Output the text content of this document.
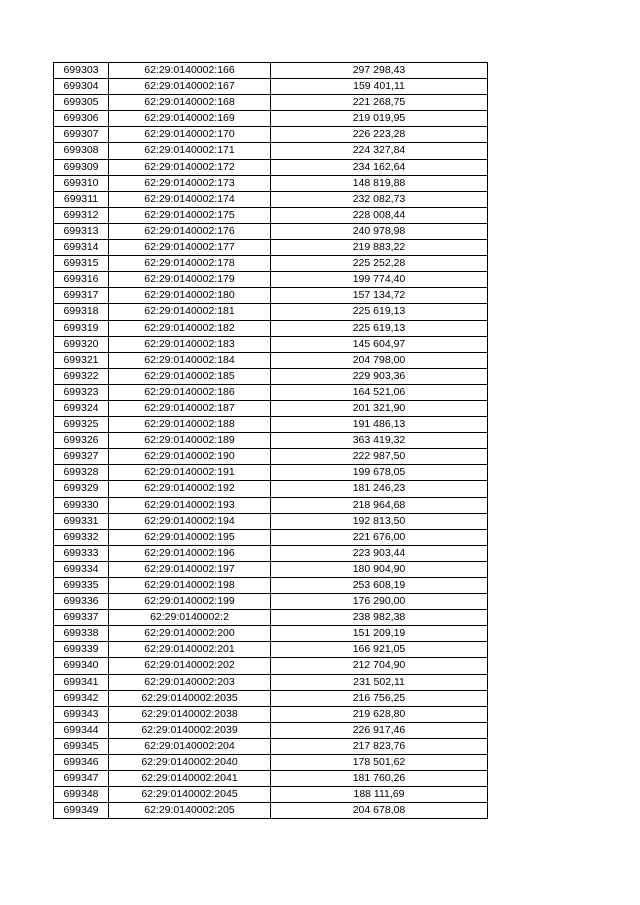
699303	62:29:0140002:166	297 298,43
699304	62:29:0140002:167	159 401,11
699305	62:29:0140002:168	221 268,75
699306	62:29:0140002:169	219 019,95
699307	62:29:0140002:170	226 223,28
699308	62:29:0140002:171	224 327,84
699309	62:29:0140002:172	234 162,64
699310	62:29:0140002:173	148 819,88
699311	62:29:0140002:174	232 082,73
699312	62:29:0140002:175	228 008,44
699313	62:29:0140002:176	240 978,98
699314	62:29:0140002:177	219 883,22
699315	62:29:0140002:178	225 252,28
699316	62:29:0140002:179	199 774,40
699317	62:29:0140002:180	157 134,72
699318	62:29:0140002:181	225 619,13
699319	62:29:0140002:182	225 619,13
699320	62:29:0140002:183	145 604,97
699321	62:29:0140002:184	204 798,00
699322	62:29:0140002:185	229 903,36
699323	62:29:0140002:186	164 521,06
699324	62:29:0140002:187	201 321,90
699325	62:29:0140002:188	191 486,13
699326	62:29:0140002:189	363 419,32
699327	62:29:0140002:190	222 987,50
699328	62:29:0140002:191	199 678,05
699329	62:29:0140002:192	181 246,23
699330	62:29:0140002:193	218 964,68
699331	62:29:0140002:194	192 813,50
699332	62:29:0140002:195	221 676,00
699333	62:29:0140002:196	223 903,44
699334	62:29:0140002:197	180 904,90
699335	62:29:0140002:198	253 608,19
699336	62:29:0140002:199	176 290,00
699337	62:29:0140002:2	238 982,38
699338	62:29:0140002:200	151 209,19
699339	62:29:0140002:201	166 921,05
699340	62:29:0140002:202	212 704,90
699341	62:29:0140002:203	231 502,11
699342	62:29:0140002:2035	216 756,25
699343	62:29:0140002:2038	219 628,80
699344	62:29:0140002:2039	226 917,46
699345	62:29:0140002:204	217 823,76
699346	62:29:0140002:2040	178 501,62
699347	62:29:0140002:2041	181 760,26
699348	62:29:0140002:2045	188 111,69
699349	62:29:0140002:205	204 678,08
